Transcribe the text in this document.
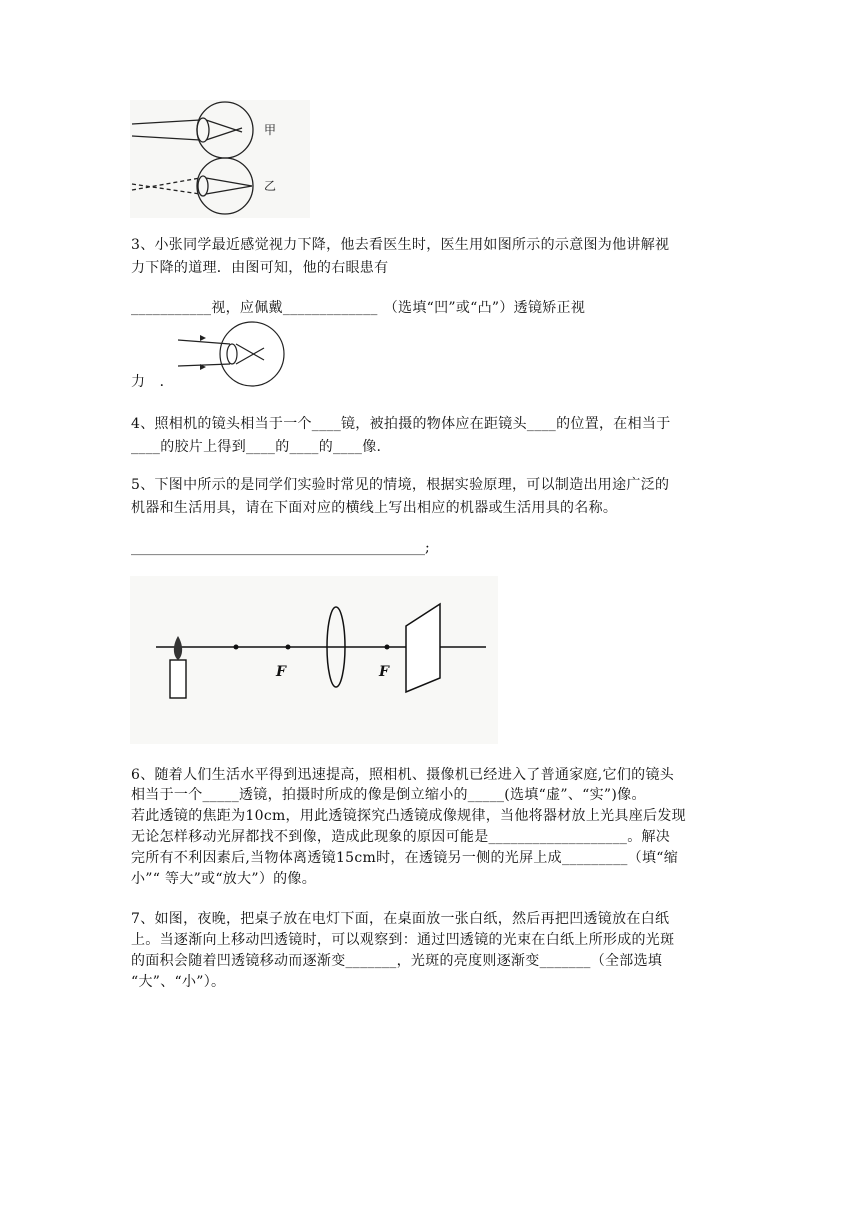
甲
乙
3、小张同学最近感觉视力下降，他去看医生时，医生用如图所示的示意图为他讲解视
力下降的道理．由图可知，他的右眼患有
___________视，应佩戴_____________ （选填“凹”或“凸”）透镜矫正视
力　．
4、照相机的镜头相当于一个____镜，被拍摄的物体应在距镜头____的位置，在相当于
____的胶片上得到____的____的____像.
5、下图中所示的是同学们实验时常见的情境，根据实验原理，可以制造出用途广泛的
机器和生活用具，请在下面对应的横线上写出相应的机器或生活用具的名称。
__________________________________________;
F	F
6、随着人们生活水平得到迅速提高，照相机、摄像机已经进入了普通家庭,它们的镜头
相当于一个_____透镜，拍摄时所成的像是倒立缩小的_____(选填“虚”、“实”)像。
若此透镜的焦距为10cm，用此透镜探究凸透镜成像规律，当他将器材放上光具座后发现
无论怎样移动光屏都找不到像，造成此现象的原因可能是___________________。解决
完所有不利因素后,当物体离透镜15cm时，在透镜另一侧的光屏上成_________（填“缩
小”“ 等大”或“放大”）的像。
7、如图，夜晚，把桌子放在电灯下面，在桌面放一张白纸，然后再把凹透镜放在白纸
上。当逐渐向上移动凹透镜时，可以观察到：通过凹透镜的光束在白纸上所形成的光斑
的面积会随着凹透镜移动而逐渐变_______，光斑的亮度则逐渐变_______（全部选填
“大”、“小”）。
